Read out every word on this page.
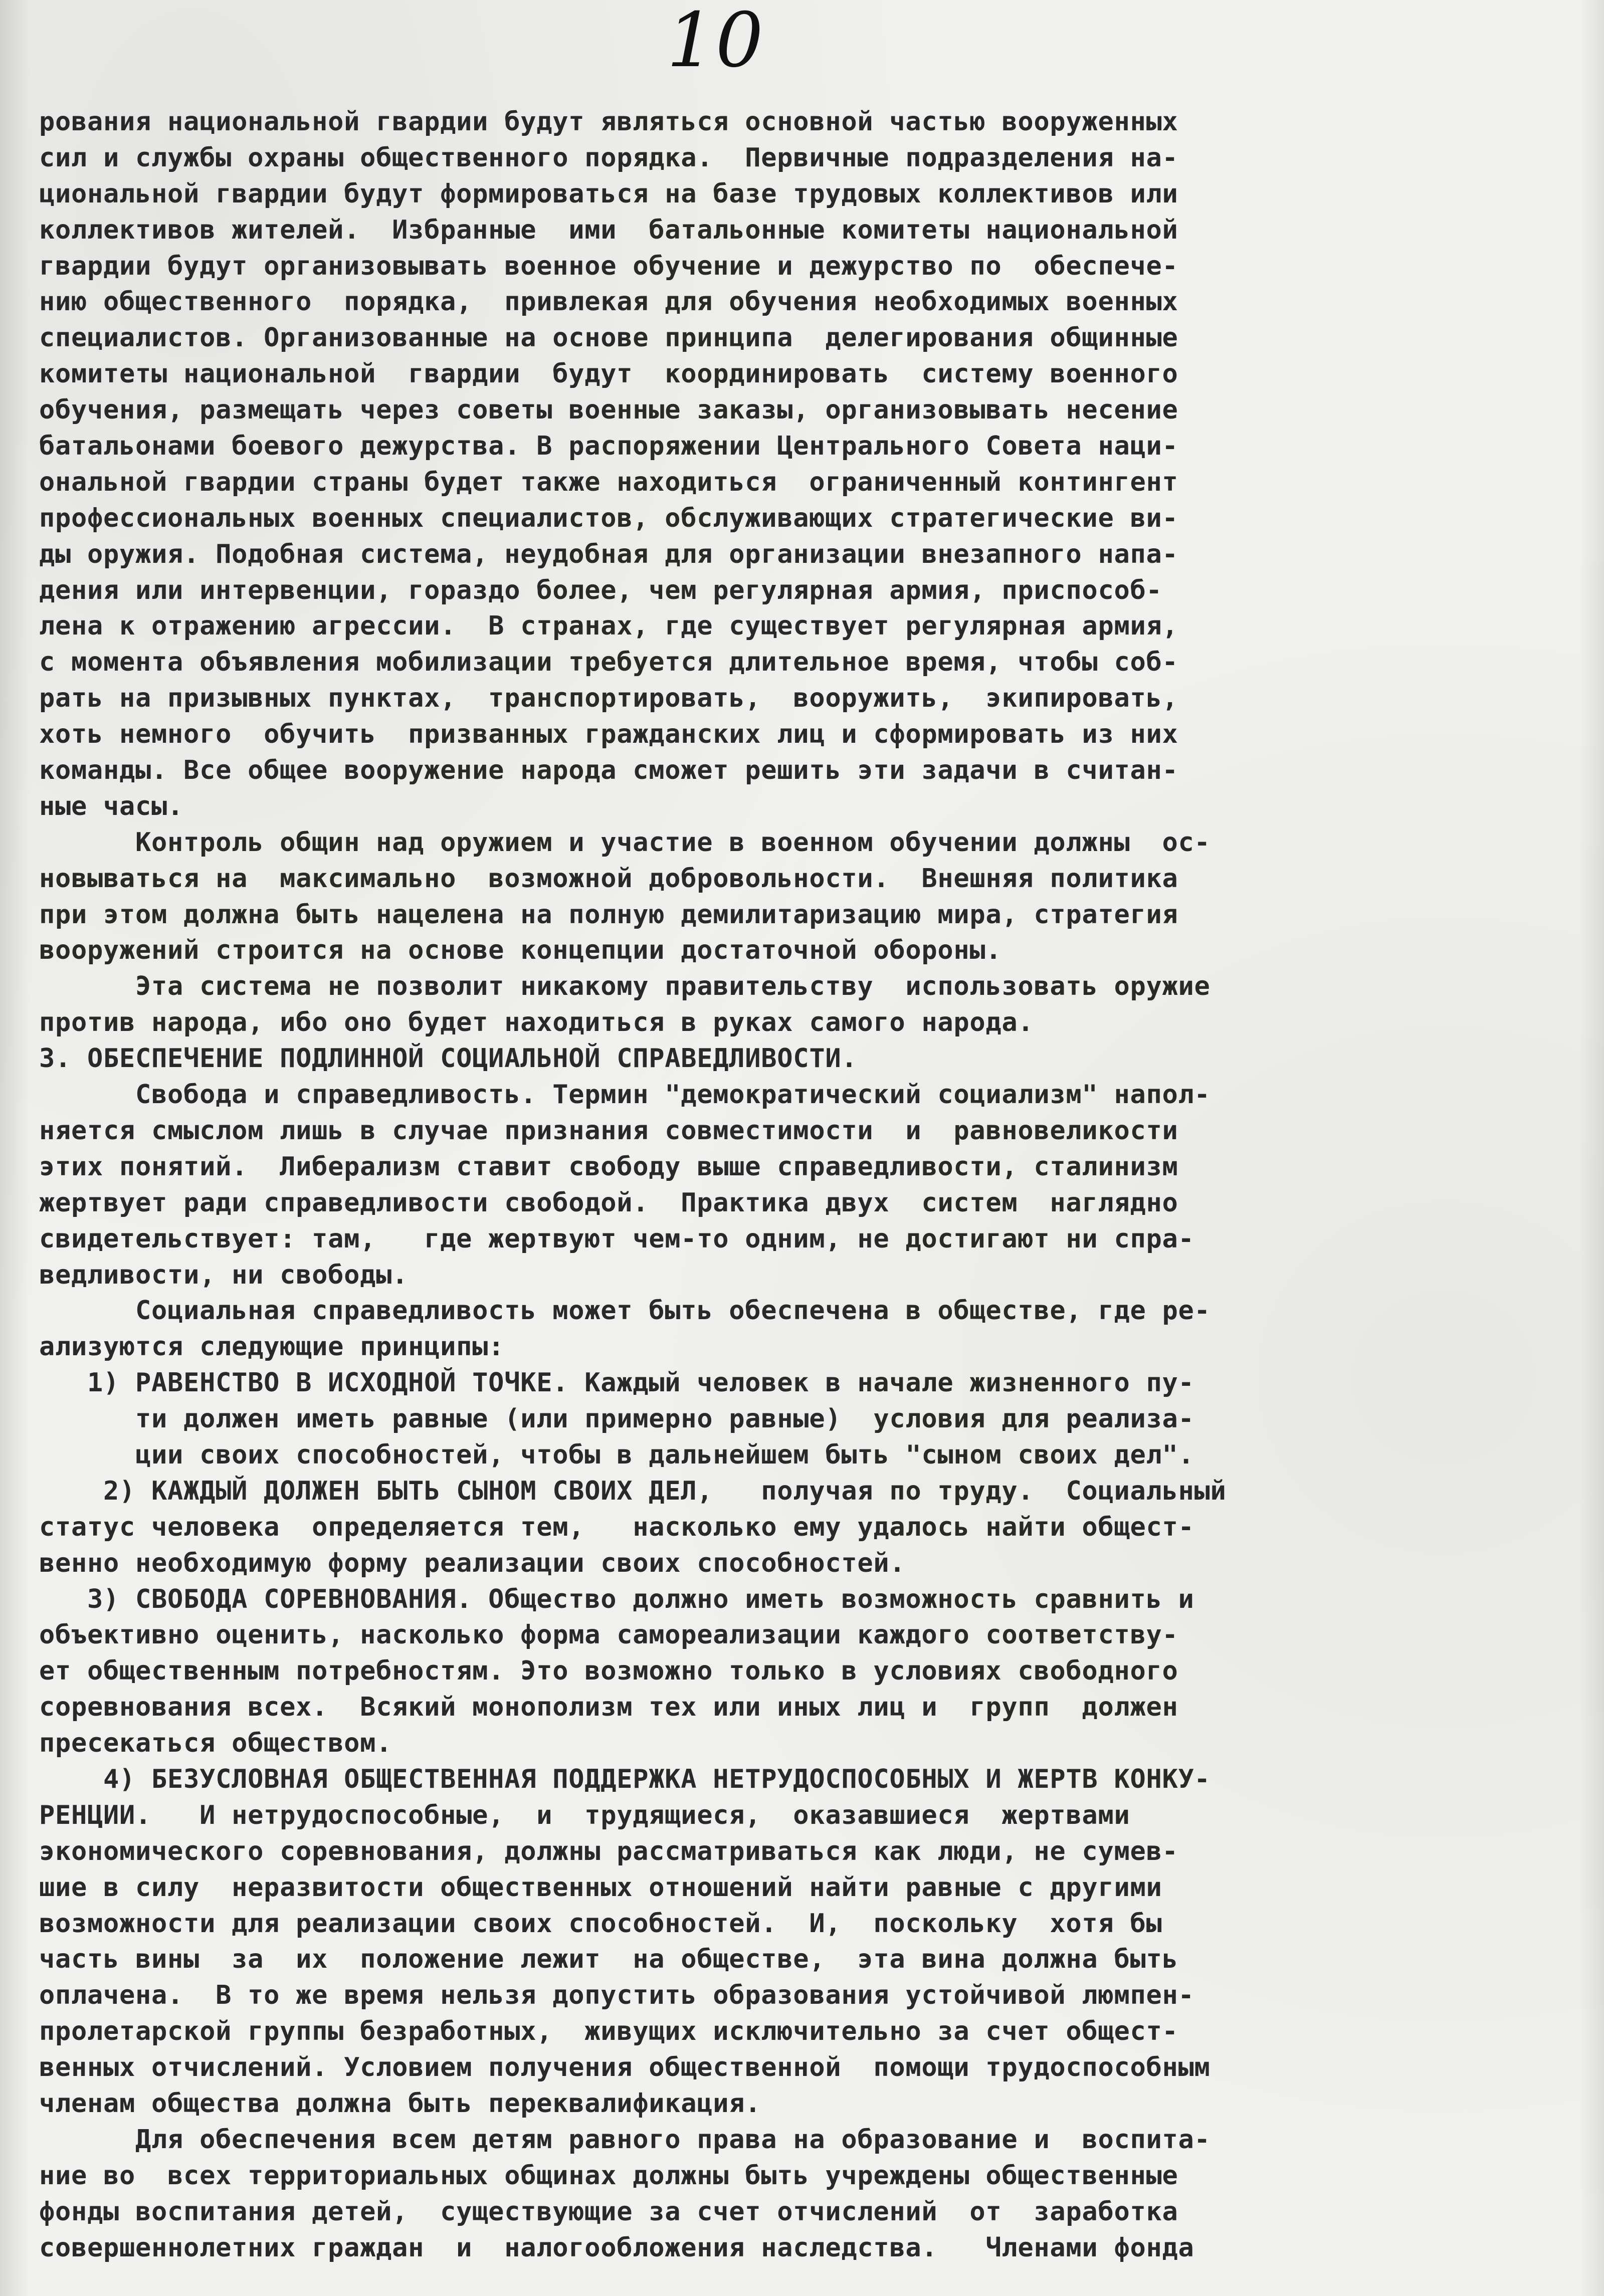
10
рования национальной гвардии будут являться основной частью вооруженных
сил и службы охраны общественного порядка.  Первичные подразделения на-
циональной гвардии будут формироваться на базе трудовых коллективов или
коллективов жителей.  Избранные  ими  батальонные комитеты национальной
гвардии будут организовывать военное обучение и дежурство по  обеспече-
нию общественного  порядка,  привлекая для обучения необходимых военных
специалистов. Организованные на основе принципа  делегирования общинные
комитеты национальной  гвардии  будут  координировать  систему военного
обучения, размещать через советы военные заказы, организовывать несение
батальонами боевого дежурства. В распоряжении Центрального Совета наци-
ональной гвардии страны будет также находиться  ограниченный контингент
профессиональных военных специалистов, обслуживающих стратегические ви-
ды оружия. Подобная система, неудобная для организации внезапного напа-
дения или интервенции, гораздо более, чем регулярная армия, приспособ-
лена к отражению агрессии.  В странах, где существует регулярная армия,
с момента объявления мобилизации требуется длительное время, чтобы соб-
рать на призывных пунктах,  транспортировать,  вооружить,  экипировать,
хоть немного  обучить  призванных гражданских лиц и сформировать из них
команды. Все общее вооружение народа сможет решить эти задачи в считан-
ные часы.
Контроль общин над оружием и участие в военном обучении должны  ос-
новываться на  максимально  возможной добровольности.  Внешняя политика
при этом должна быть нацелена на полную демилитаризацию мира, стратегия
вооружений строится на основе концепции достаточной обороны.
Эта система не позволит никакому правительству  использовать оружие
против народа, ибо оно будет находиться в руках самого народа.
3. ОБЕСПЕЧЕНИЕ ПОДЛИННОЙ СОЦИАЛЬНОЙ СПРАВЕДЛИВОСТИ.
Свобода и справедливость. Термин "демократический социализм" напол-
няется смыслом лишь в случае признания совместимости  и  равновеликости
этих понятий.  Либерализм ставит свободу выше справедливости, сталинизм
жертвует ради справедливости свободой.  Практика двух  систем  наглядно
свидетельствует: там,   где жертвуют чем-то одним, не достигают ни спра-
ведливости, ни свободы.
Социальная справедливость может быть обеспечена в обществе, где ре-
ализуются следующие принципы:
1) РАВЕНСТВО В ИСХОДНОЙ ТОЧКЕ. Каждый человек в начале жизненного пу-
ти должен иметь равные (или примерно равные)  условия для реализа-
ции своих способностей, чтобы в дальнейшем быть "сыном своих дел".
2) КАЖДЫЙ ДОЛЖЕН БЫТЬ СЫНОМ СВОИХ ДЕЛ,   получая по труду.  Социальный
статус человека  определяется тем,   насколько ему удалось найти общест-
венно необходимую форму реализации своих способностей.
3) СВОБОДА СОРЕВНОВАНИЯ. Общество должно иметь возможность сравнить и
объективно оценить, насколько форма самореализации каждого соответству-
ет общественным потребностям. Это возможно только в условиях свободного
соревнования всех.  Всякий монополизм тех или иных лиц и  групп  должен
пресекаться обществом.
4) БЕЗУСЛОВНАЯ ОБЩЕСТВЕННАЯ ПОДДЕРЖКА НЕТРУДОСПОСОБНЫХ И ЖЕРТВ КОНКУ-
РЕНЦИИ.   И нетрудоспособные,  и  трудящиеся,  оказавшиеся  жертвами
экономического соревнования, должны рассматриваться как люди, не сумев-
шие в силу  неразвитости общественных отношений найти равные с другими
возможности для реализации своих способностей.  И,  поскольку  хотя бы
часть вины  за  их  положение лежит  на обществе,  эта вина должна быть
оплачена.  В то же время нельзя допустить образования устойчивой люмпен-
пролетарской группы безработных,  живущих исключительно за счет общест-
венных отчислений. Условием получения общественной  помощи трудоспособным
членам общества должна быть переквалификация.
Для обеспечения всем детям равного права на образование и  воспита-
ние во  всех территориальных общинах должны быть учреждены общественные
фонды воспитания детей,  существующие за счет отчислений  от  заработка
совершеннолетних граждан  и  налогообложения наследства.   Членами фонда
